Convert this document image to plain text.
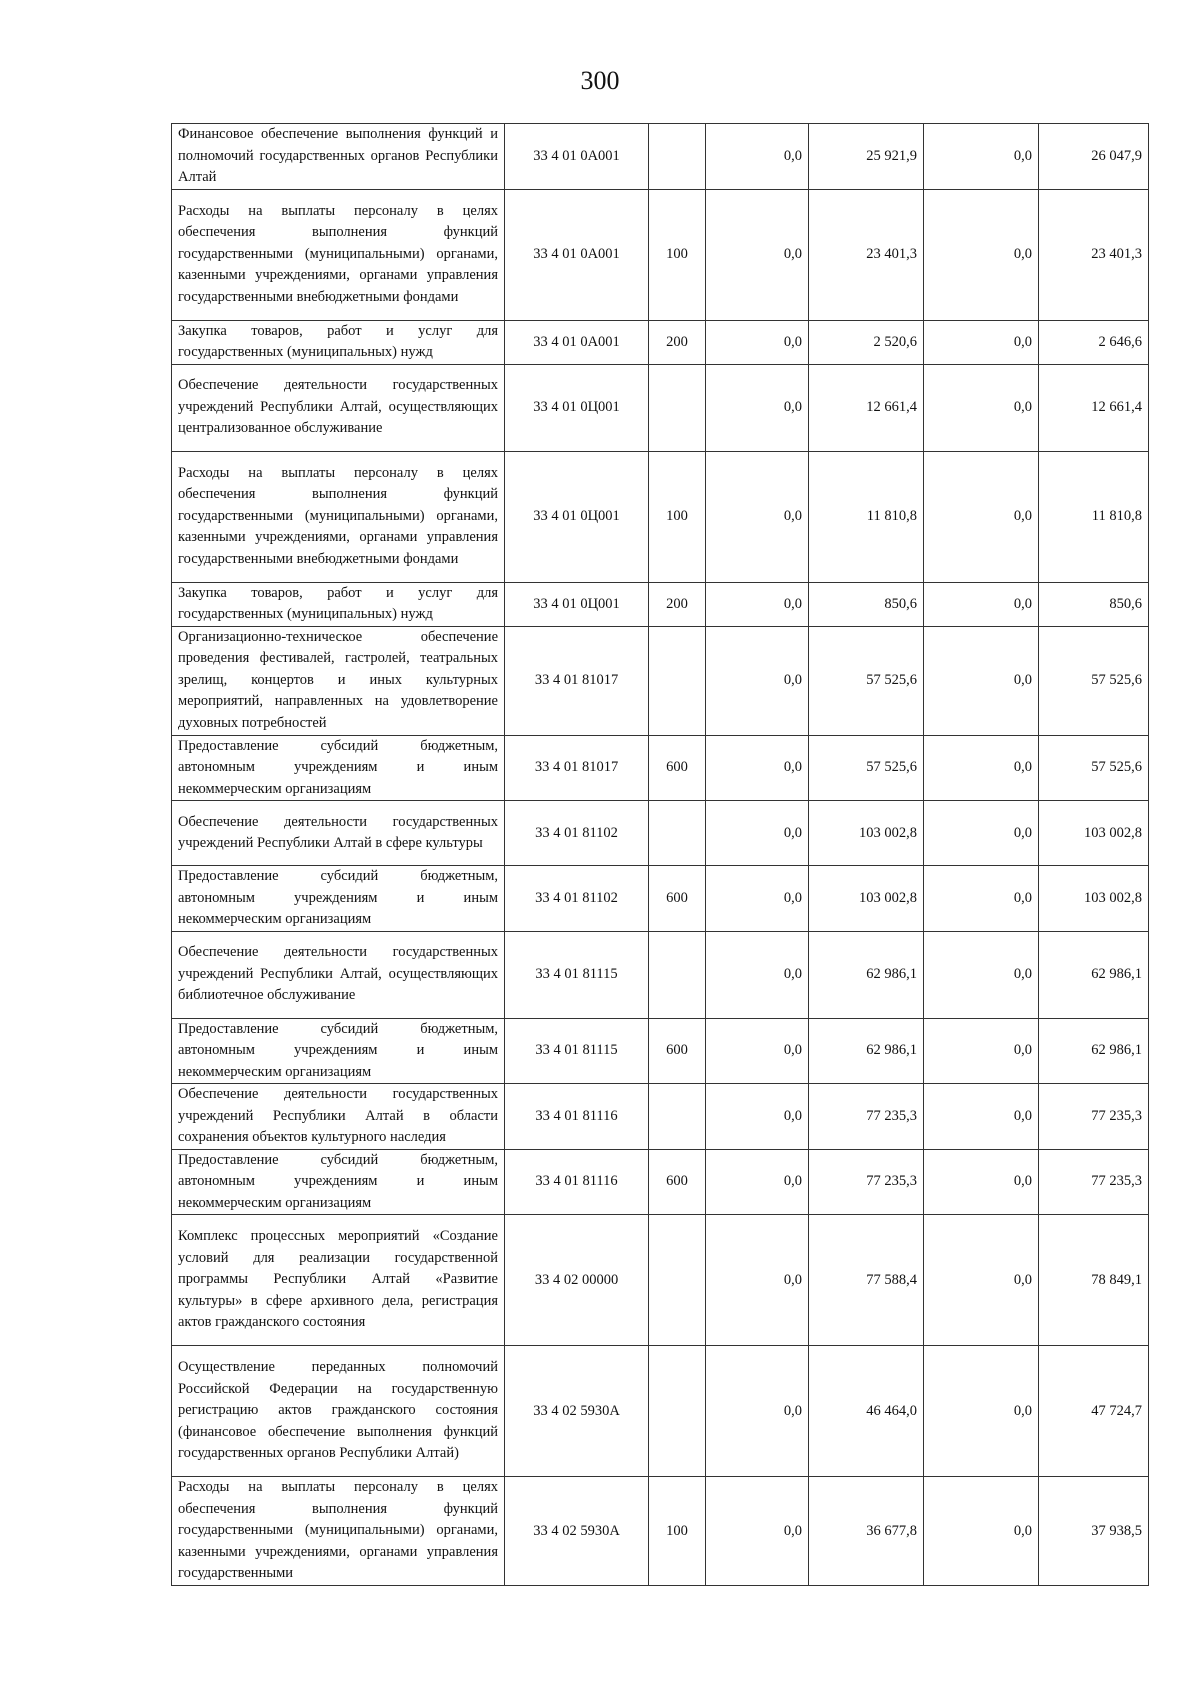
300
Финансовое обеспечение выполнения функций и полномочий государственных органов Республики Алтай	33 4 01 0А001		0,0	25 921,9	0,0	26 047,9
Расходы на выплаты персоналу в целях обеспечения выполнения функций государственными (муниципальными) органами, казенными учреждениями, органами управления государственными внебюджетными фондами	33 4 01 0А001	100	0,0	23 401,3	0,0	23 401,3
Закупка товаров, работ и услуг для государственных (муниципальных) нужд	33 4 01 0А001	200	0,0	2 520,6	0,0	2 646,6
Обеспечение деятельности государственных учреждений Республики Алтай, осуществляющих централизованное обслуживание	33 4 01 0Ц001		0,0	12 661,4	0,0	12 661,4
Расходы на выплаты персоналу в целях обеспечения выполнения функций государственными (муниципальными) органами, казенными учреждениями, органами управления государственными внебюджетными фондами	33 4 01 0Ц001	100	0,0	11 810,8	0,0	11 810,8
Закупка товаров, работ и услуг для государственных (муниципальных) нужд	33 4 01 0Ц001	200	0,0	850,6	0,0	850,6
Организационно-техническое обеспечение проведения фестивалей, гастролей, театральных зрелищ, концертов и иных культурных мероприятий, направленных на удовлетворение духовных потребностей	33 4 01 81017		0,0	57 525,6	0,0	57 525,6
Предоставление субсидий бюджетным, автономным учреждениям и иным некоммерческим организациям	33 4 01 81017	600	0,0	57 525,6	0,0	57 525,6
Обеспечение деятельности государственных учреждений Республики Алтай в сфере культуры	33 4 01 81102		0,0	103 002,8	0,0	103 002,8
Предоставление субсидий бюджетным, автономным учреждениям и иным некоммерческим организациям	33 4 01 81102	600	0,0	103 002,8	0,0	103 002,8
Обеспечение деятельности государственных учреждений Республики Алтай, осуществляющих библиотечное обслуживание	33 4 01 81115		0,0	62 986,1	0,0	62 986,1
Предоставление субсидий бюджетным, автономным учреждениям и иным некоммерческим организациям	33 4 01 81115	600	0,0	62 986,1	0,0	62 986,1
Обеспечение деятельности государственных учреждений Республики Алтай в области сохранения объектов культурного наследия	33 4 01 81116		0,0	77 235,3	0,0	77 235,3
Предоставление субсидий бюджетным, автономным учреждениям и иным некоммерческим организациям	33 4 01 81116	600	0,0	77 235,3	0,0	77 235,3
Комплекс процессных мероприятий «Создание условий для реализации государственной программы Республики Алтай «Развитие культуры» в сфере архивного дела, регистрация актов гражданского состояния	33 4 02 00000		0,0	77 588,4	0,0	78 849,1
Осуществление переданных полномочий Российской Федерации на государственную регистрацию актов гражданского состояния (финансовое обеспечение выполнения функций государственных органов Республики Алтай)	33 4 02 5930А		0,0	46 464,0	0,0	47 724,7
Расходы на выплаты персоналу в целях обеспечения выполнения функций государственными (муниципальными) органами, казенными учреждениями, органами управления государственными	33 4 02 5930А	100	0,0	36 677,8	0,0	37 938,5
